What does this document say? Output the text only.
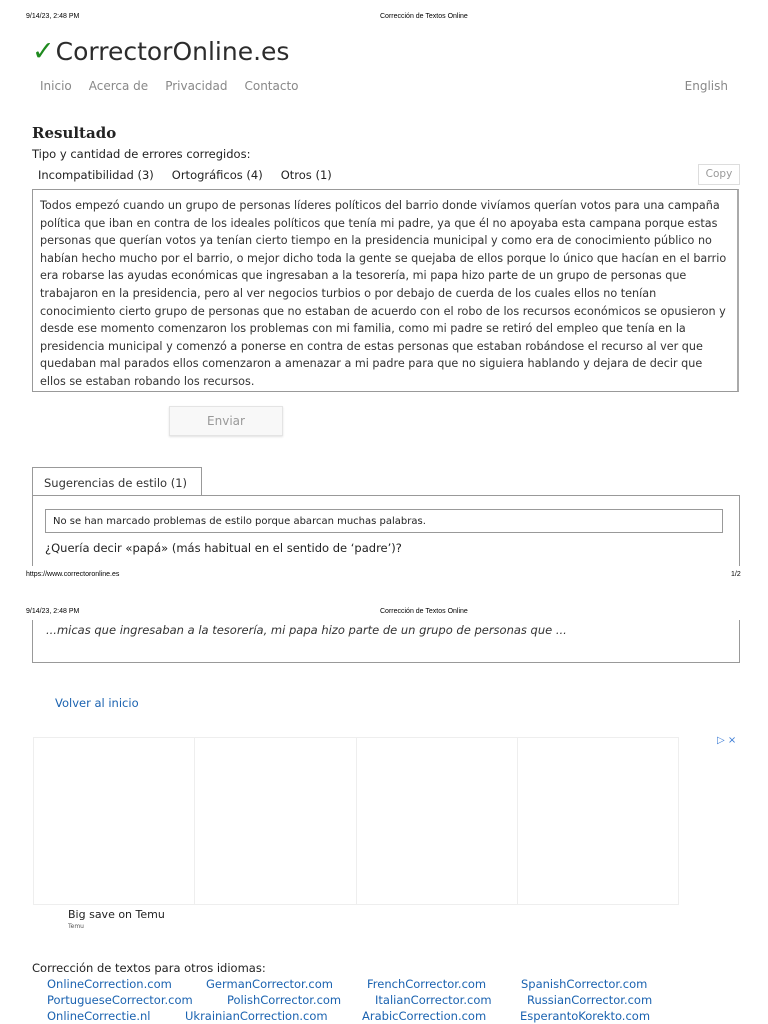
9/14/23, 2:48 PM	Corrección de Textos Online
✓ CorrectorOnline.es
Inicio Acerca de Privacidad Contacto	English
Resultado
Tipo y cantidad de errores corregidos:
Incompatibilidad (3) Ortográficos (4) Otros (1)	Copy
Todos empezó cuando un grupo de personas líderes políticos del barrio donde vivíamos querían votos para una campaña política que iban en contra de los ideales políticos que tenía mi padre, ya que él no apoyaba esta campana porque estas personas que querían votos ya tenían cierto tiempo en la presidencia municipal y como era de conocimiento público no habían hecho mucho por el barrio, o mejor dicho toda la gente se quejaba de ellos porque lo único que hacían en el barrio era robarse las ayudas económicas que ingresaban a la tesorería, mi papa hizo parte de un grupo de personas que trabajaron en la presidencia, pero al ver negocios turbios o por debajo de cuerda de los cuales ellos no tenían conocimiento cierto grupo de personas que no estaban de acuerdo con el robo de los recursos económicos se opusieron y desde ese momento comenzaron los problemas con mi familia, como mi padre se retiró del empleo que tenía en la presidencia municipal y comenzó a ponerse en contra de estas personas que estaban robándose el recurso al ver que quedaban mal parados ellos comenzaron a amenazar a mi padre para que no siguiera hablando y dejara de decir que ellos se estaban robando los recursos.
Enviar
Sugerencias de estilo (1)
No se han marcado problemas de estilo porque abarcan muchas palabras.
¿Quería decir «papá» (más habitual en el sentido de ‘padre’)?
https://www.correctoronline.es	1/2
9/14/23, 2:48 PM	Corrección de Textos Online
...micas que ingresaban a la tesorería, mi papa hizo parte de un grupo de personas que ...
Volver al inicio
▷ ×
Big save on Temu
Temu
Corrección de textos para otros idiomas:
OnlineCorrection.com	GermanCorrector.com	FrenchCorrector.com	SpanishCorrector.com
PortugueseCorrector.com	PolishCorrector.com	ItalianCorrector.com	RussianCorrector.com
OnlineCorrectie.nl	UkrainianCorrection.com	ArabicCorrection.com	EsperantoKorekto.com
